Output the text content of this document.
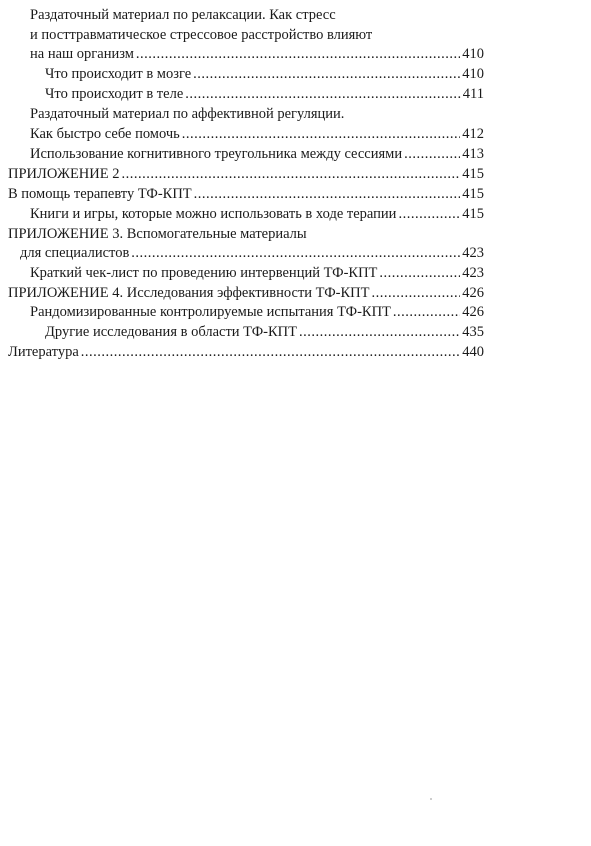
Раздаточный материал по релаксации. Как стресс
и посттравматическое стрессовое расстройство влияют
на наш организм .....	410
Что происходит в мозге .....	410
Что происходит в теле .....	411
Раздаточный материал по аффективной регуляции.
Как быстро себе помочь .....	412
Использование когнитивного треугольника между сессиями .....	413
ПРИЛОЖЕНИЕ 2 .....	415
В помощь терапевту ТФ-КПТ .....	415
Книги и игры, которые можно использовать в ходе терапии .....	415
ПРИЛОЖЕНИЕ 3. Вспомогательные материалы
для специалистов .....	423
Краткий чек-лист по проведению интервенций ТФ-КПТ .....	423
ПРИЛОЖЕНИЕ 4. Исследования эффективности ТФ-КПТ .....	426
Рандомизированные контролируемые испытания ТФ-КПТ .....	426
Другие исследования в области ТФ-КПТ .....	435
Литература .....	440
